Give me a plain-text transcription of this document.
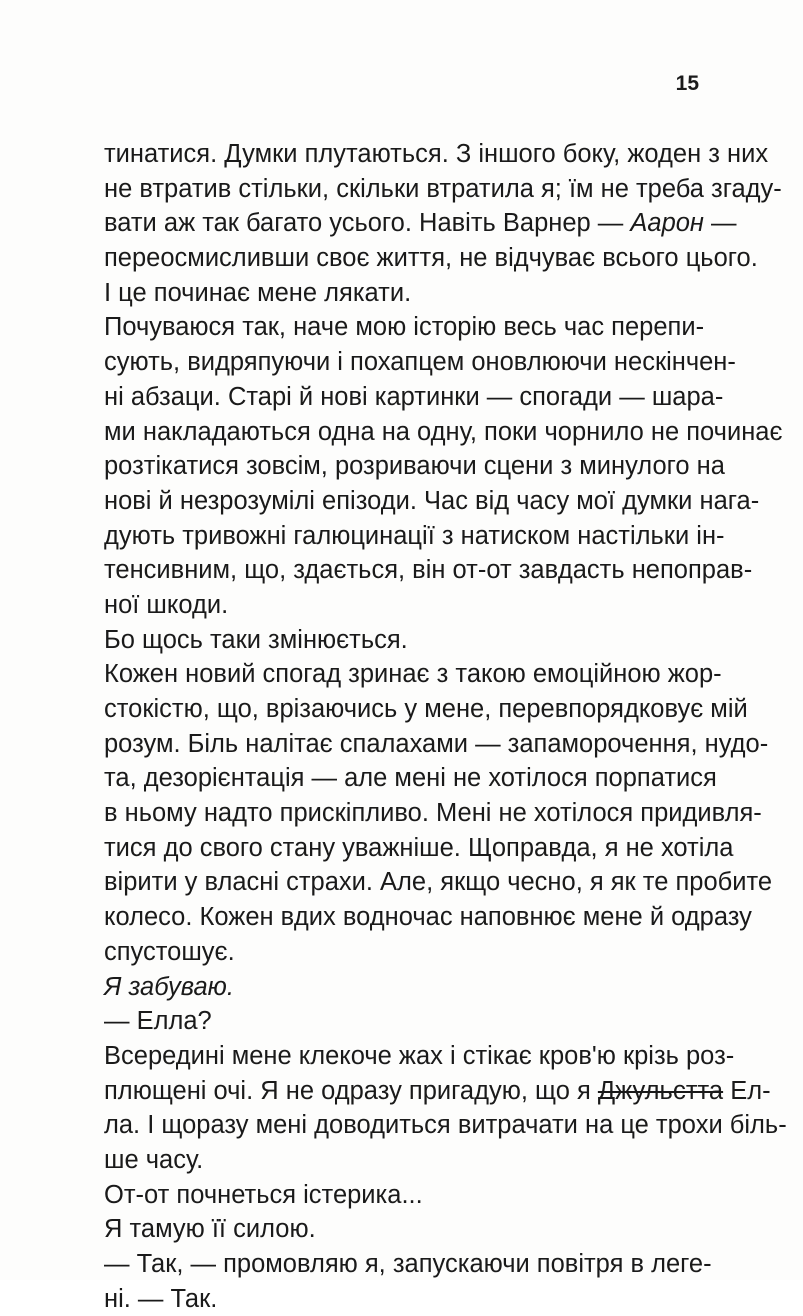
15
тинатися. Думки плутаються. З іншого боку, жоден з них
не втратив стільки, скільки втратила я; їм не треба згаду-
вати аж так багато усього. Навіть Варнер — Аарон —
переосмисливши своє життя, не відчуває всього цього.
І це починає мене лякати.
Почуваюся так, наче мою історію весь час перепи-
сують, видряпуючи і похапцем оновлюючи нескінчен-
ні абзаци. Старі й нові картинки — спогади — шара-
ми накладаються одна на одну, поки чорнило не починає
розтікатися зовсім, розриваючи сцени з минулого на
нові й незрозумілі епізоди. Час від часу мої думки нага-
дують тривожні галюцинації з натиском настільки ін-
тенсивним, що, здається, він от-от завдасть непоправ-
ної шкоди.
Бо щось таки змінюється.
Кожен новий спогад зринає з такою емоційною жор-
стокістю, що, врізаючись у мене, перевпорядковує мій
розум. Біль налітає спалахами — запаморочення, нудо-
та, дезорієнтація — але мені не хотілося порпатися
в ньому надто прискіпливо. Мені не хотілося придивля-
тися до свого стану уважніше. Щоправда, я не хотіла
вірити у власні страхи. Але, якщо чесно, я як те пробите
колесо. Кожен вдих водночас наповнює мене й одразу
спустошує.
Я забуваю.
— Елла?
Всередині мене клекоче жах і стікає кров'ю крізь роз-
плющені очі. Я не одразу пригадую, що я Джульєтта Ел-
ла. І щоразу мені доводиться витрачати на це трохи біль-
ше часу.
От-от почнеться істерика...
Я тамую її силою.
— Так, — промовляю я, запускаючи повітря в леге-
ні. — Так.
